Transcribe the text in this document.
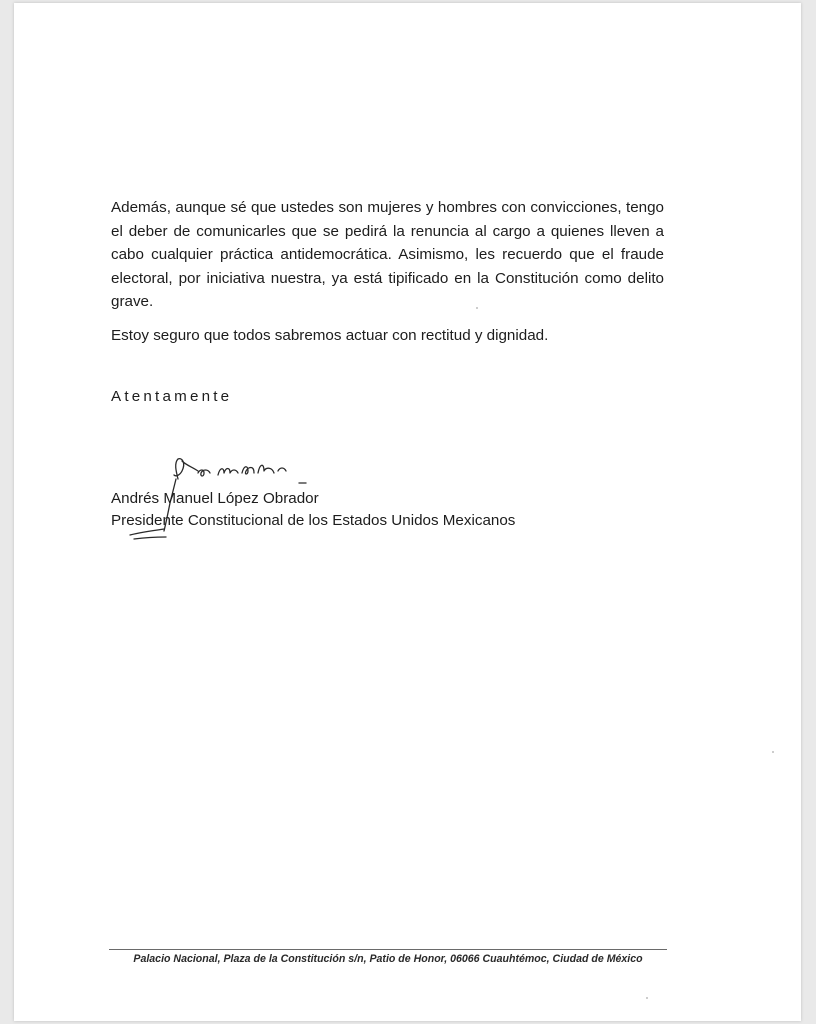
Además, aunque sé que ustedes son mujeres y hombres con convicciones, tengo el deber de comunicarles que se pedirá la renuncia al cargo a quienes lleven a cabo cualquier práctica antidemocrática. Asimismo, les recuerdo que el fraude electoral, por iniciativa nuestra, ya está tipificado en la Constitución como delito grave.

Estoy seguro que todos sabremos actuar con rectitud y dignidad.

Atentamente
Andrés Manuel López Obrador
Presidente Constitucional de los Estados Unidos Mexicanos
Palacio Nacional, Plaza de la Constitución s/n, Patio de Honor, 06066 Cuauhtémoc, Ciudad de México
